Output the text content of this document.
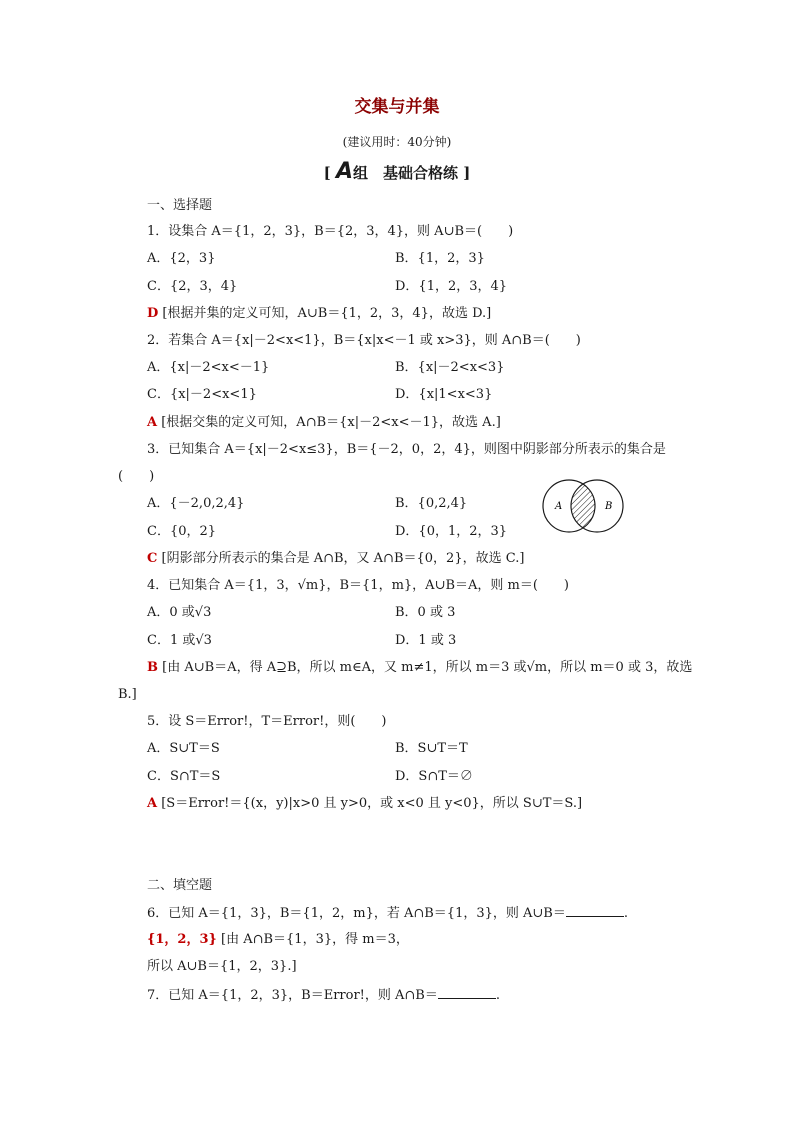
交集与并集
(建议用时：40分钟)
[ A组　基础合格练 ]
一、选择题
1．设集合 A＝{1，2，3}，B＝{2，3，4}，则 A∪B＝(　　)
A．{2，3}	B．{1，2，3}
C．{2，3，4}	D．{1，2，3，4}
D [根据并集的定义可知，A∪B＝{1，2，3，4}，故选 D.]
2．若集合 A＝{x|－2<x<1}，B＝{x|x<－1 或 x>3}，则 A∩B＝(　　)
A．{x|－2<x<－1}	B．{x|－2<x<3}
C．{x|－2<x<1}	D．{x|1<x<3}
A [根据交集的定义可知，A∩B＝{x|－2<x<－1}，故选 A.]
3．已知集合 A＝{x|－2<x≤3}，B＝{－2，0，2，4}，则图中阴影部分所表示的集合是
(　　)
A．{－2,0,2,4}	B．{0,2,4}
C．{0，2}	D．{0，1，2，3}
C [阴影部分所表示的集合是 A∩B，又 A∩B＝{0，2}，故选 C.]
A	B
4．已知集合 A＝{1，3，√m}，B＝{1，m}，A∪B＝A，则 m＝(　　)
A．0 或√3	B．0 或 3
C．1 或√3	D．1 或 3
B [由 A∪B＝A，得 A⊇B，所以 m∈A，又 m≠1，所以 m＝3 或√m，所以 m＝0 或 3，故选
B.]
5．设 S＝Error!，T＝Error!，则(　　)
A．S∪T＝S	B．S∪T＝T
C．S∩T＝S	D．S∩T＝∅
A [S＝Error!＝{(x，y)|x>0 且 y>0，或 x<0 且 y<0}，所以 S∪T＝S.]
二、填空题
6．已知 A＝{1，3}，B＝{1，2，m}，若 A∩B＝{1，3}，则 A∪B＝	.
{1，2，3} [由 A∩B＝{1，3}，得 m＝3，
所以 A∪B＝{1，2，3}.]
7．已知 A＝{1，2，3}，B＝Error!，则 A∩B＝	.
